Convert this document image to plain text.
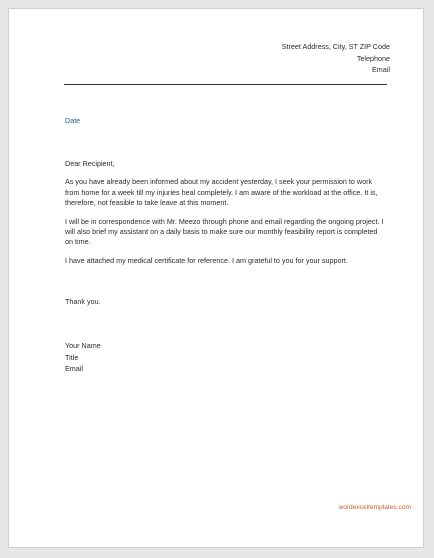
Street Address, City, ST ZIP Code
Telephone
Email
Date

Dear Recipient,

As you have already been informed about my accident yesterday, I seek your permission to work from home for a week till my injuries heal completely. I am aware of the workload at the office. It is, therefore, not feasible to take leave at this moment.

I will be in correspondence with Mr. Meezo through phone and email regarding the ongoing project. I will also brief my assistant on a daily basis to make sure our monthly feasibility report is completed on time.

I have attached my medical certificate for reference. I am grateful to you for your support.

Thank you.
Your Name
Title
Email
wordexceltemplates.com
